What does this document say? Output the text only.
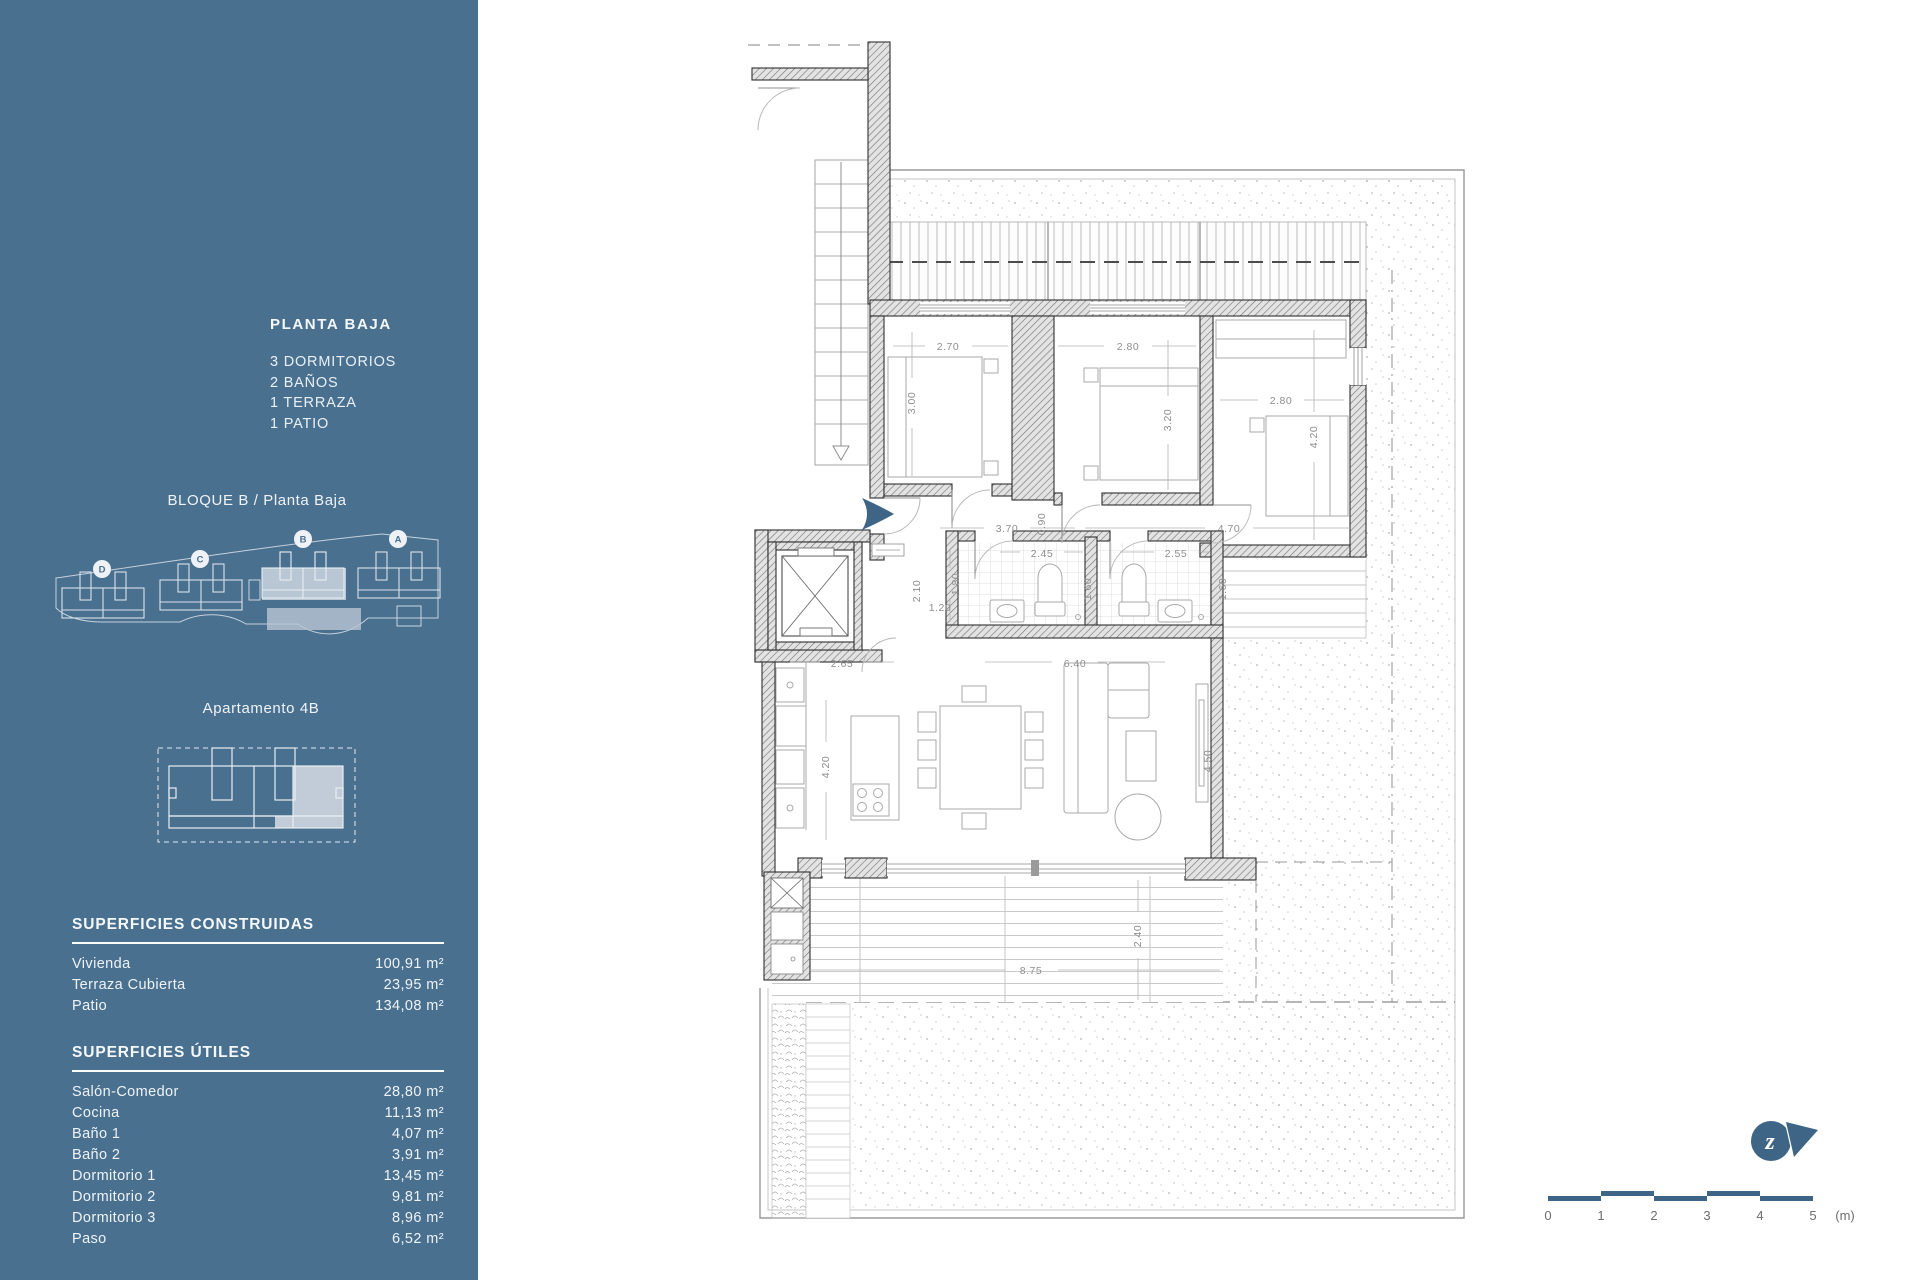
2.70
3.00
2.80
3.20
2.80
4.20
3.70 0.90	4.70
2.45	2.55
1.80	1.60	1.60
2.10
1.20
2.65	6.40
4.20	4.50
8.75
2.40
z
0	1	2	3	4	5 (m)
PLANTA BAJA
3 DORMITORIOS
2 BAÑOS
1 TERRAZA
1 PATIO
BLOQUE B / Planta Baja
D
C
B	A
Apartamento 4B
SUPERFICIES CONSTRUIDAS
Vivienda	100,91 m²
Terraza Cubierta	23,95 m²
Patio	134,08 m²
SUPERFICIES ÚTILES
Salón-Comedor	28,80 m²
Cocina	11,13 m²
Baño 1	4,07 m²
Baño 2	3,91 m²
Dormitorio 1	13,45 m²
Dormitorio 2	9,81 m²
Dormitorio 3	8,96 m²
Paso	6,52 m²
